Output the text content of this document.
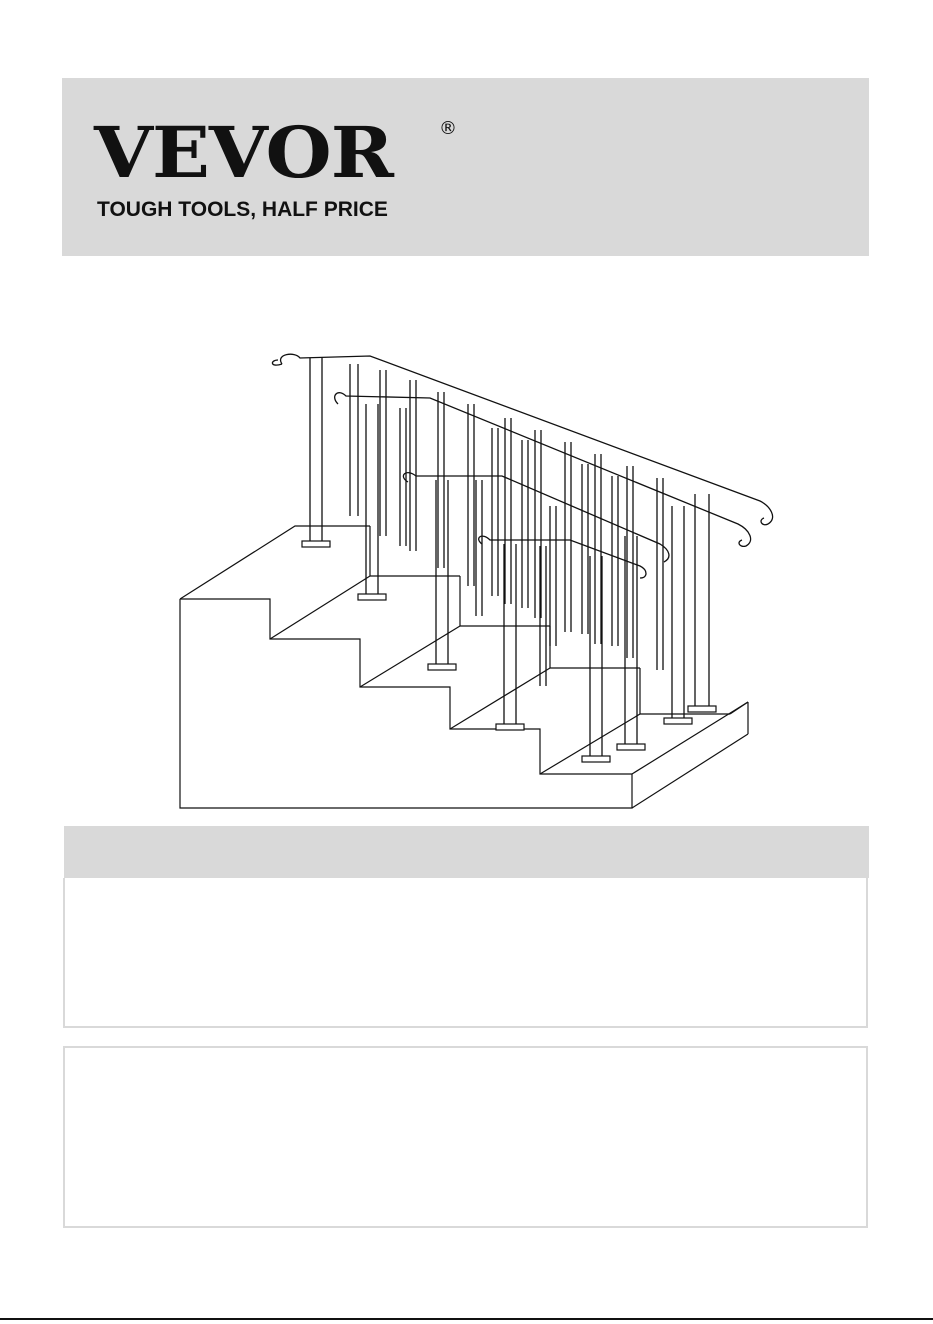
VEVOR	®
TOUGH TOOLS, HALF PRICE
